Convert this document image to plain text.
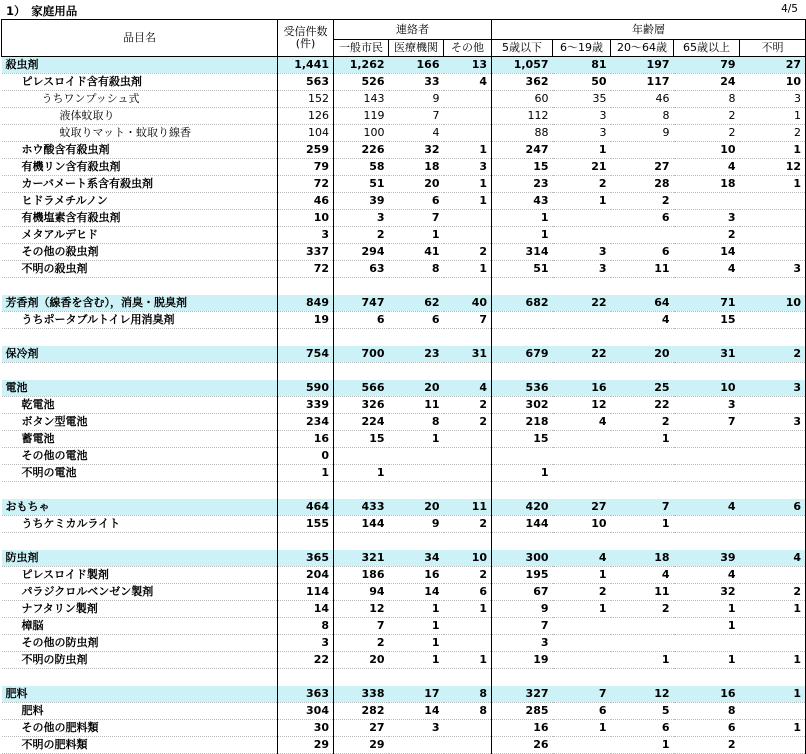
1）　家庭用品	4/5
品目名	受信件数
(件)	連絡者			年齢層				
		一般市民	医療機関	その他	5歳以下	6～19歳	20～64歳	65歳以上	不明
殺虫剤	1,441	1,262	166	13	1,057	81	197	79	27
ピレスロイド含有殺虫剤	563	526	33	4	362	50	117	24	10
うちワンプッシュ式	152	143	9		60	35	46	8	3
液体蚊取り	126	119	7		112	3	8	2	1
蚊取りマット・蚊取り線香	104	100	4		88	3	9	2	2
ホウ酸含有殺虫剤	259	226	32	1	247	1		10	1
有機リン含有殺虫剤	79	58	18	3	15	21	27	4	12
カーバメート系含有殺虫剤	72	51	20	1	23	2	28	18	1
ヒドラメチルノン	46	39	6	1	43	1	2		
有機塩素含有殺虫剤	10	3	7		1		6	3	
メタアルデヒド	3	2	1		1			2	
その他の殺虫剤	337	294	41	2	314	3	6	14	
不明の殺虫剤	72	63	8	1	51	3	11	4	3

芳香剤（線香を含む），消臭・脱臭剤	849	747	62	40	682	22	64	71	10
うちポータブルトイレ用消臭剤	19	6	6	7			4	15	

保冷剤	754	700	23	31	679	22	20	31	2

電池	590	566	20	4	536	16	25	10	3
乾電池	339	326	11	2	302	12	22	3	
ボタン型電池	234	224	8	2	218	4	2	7	3
蓄電池	16	15	1		15		1		
その他の電池	0								
不明の電池	1	1			1				

おもちゃ	464	433	20	11	420	27	7	4	6
うちケミカルライト	155	144	9	2	144	10	1		

防虫剤	365	321	34	10	300	4	18	39	4
ピレスロイド製剤	204	186	16	2	195	1	4	4	
パラジクロルベンゼン製剤	114	94	14	6	67	2	11	32	2
ナフタリン製剤	14	12	1	1	9	1	2	1	1
樟脳	8	7	1		7			1	
その他の防虫剤	3	2	1		3				
不明の防虫剤	22	20	1	1	19		1	1	1

肥料	363	338	17	8	327	7	12	16	1
肥料	304	282	14	8	285	6	5	8	
その他の肥料類	30	27	3		16	1	6	6	1
不明の肥料類	29	29			26		1	2	
